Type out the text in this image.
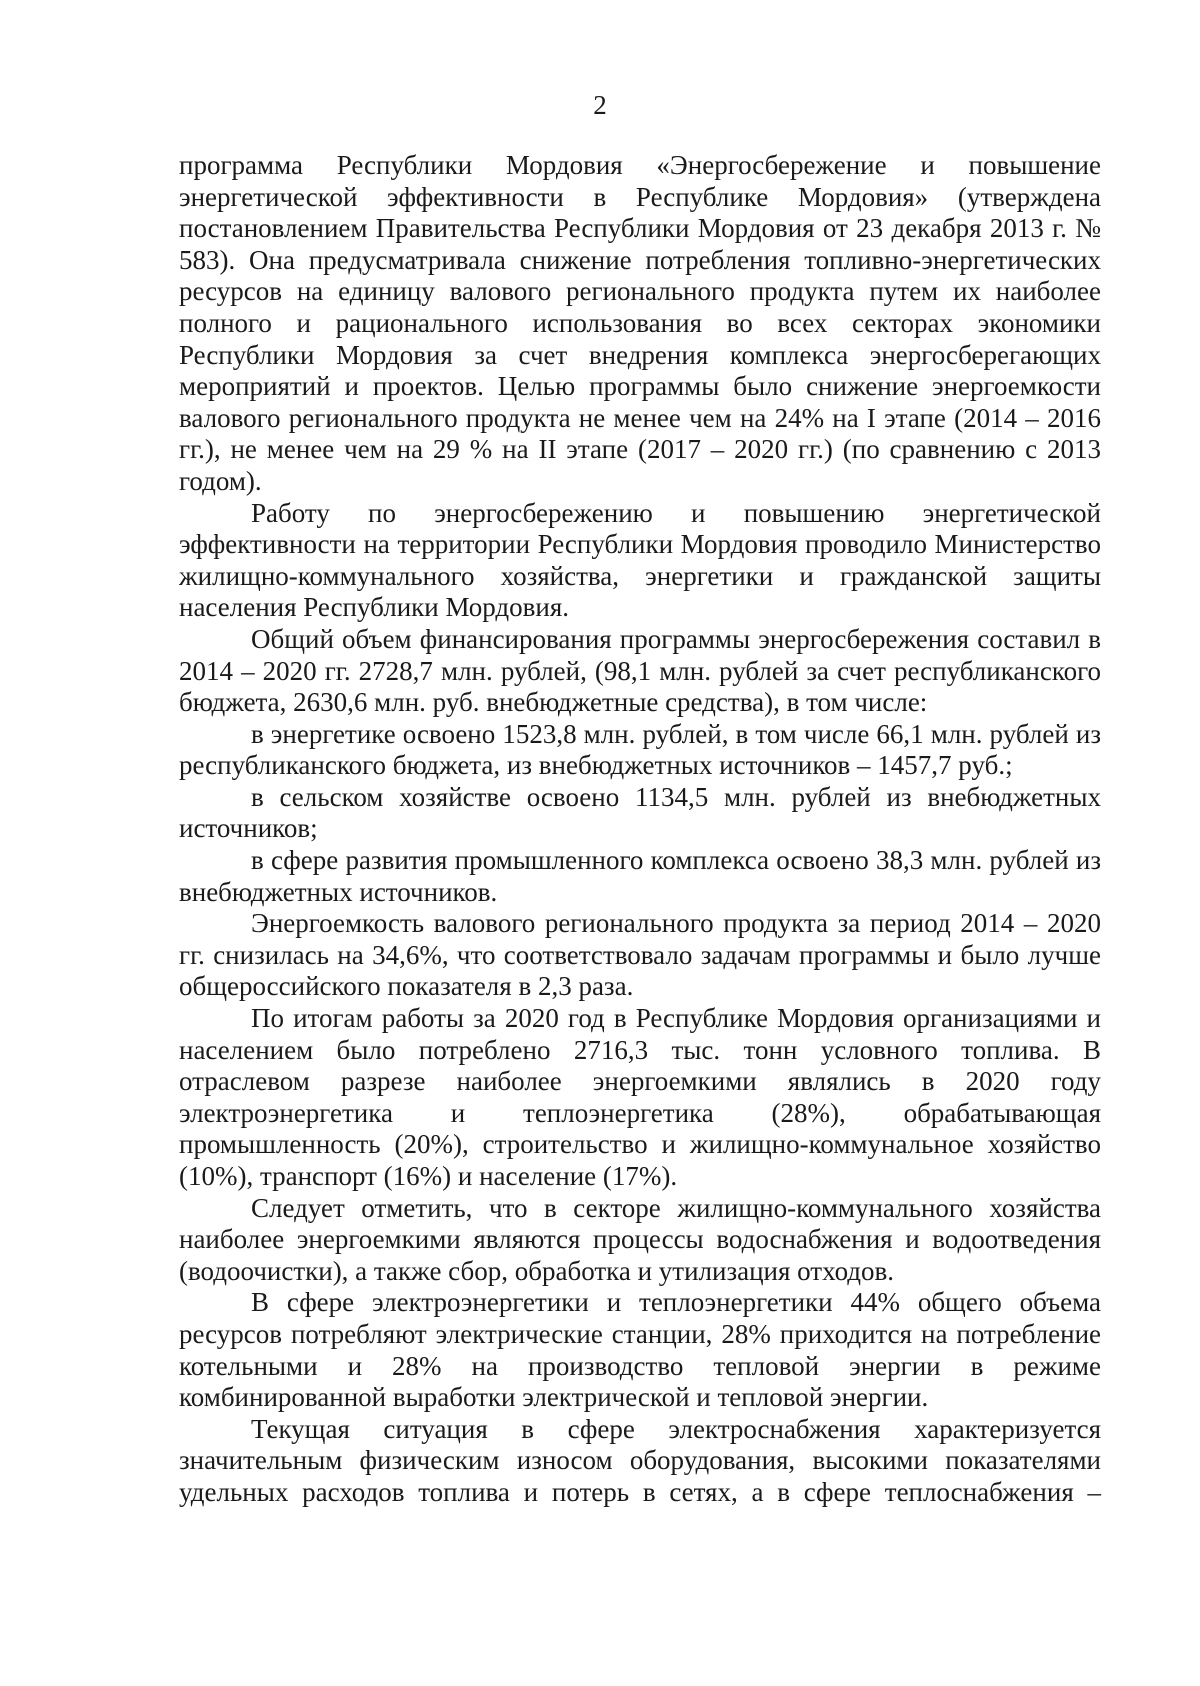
2

программа Республики Мордовия «Энергосбережение и повышение энергетической эффективности в Республике Мордовия» (утверждена постановлением Правительства Республики Мордовия от 23 декабря 2013 г. № 583). Она предусматривала снижение потребления топливно-энергетических ресурсов на единицу валового регионального продукта путем их наиболее полного и рационального использования во всех секторах экономики Республики Мордовия за счет внедрения комплекса энергосберегающих мероприятий и проектов. Целью программы было снижение энергоемкости валового регионального продукта не менее чем на 24% на I этапе (2014 – 2016 гг.), не менее чем на 29 % на II этапе (2017 – 2020 гг.) (по сравнению с 2013 годом).

Работу по энергосбережению и повышению энергетической эффективности на территории Республики Мордовия проводило Министерство жилищно-коммунального хозяйства, энергетики и гражданской защиты населения Республики Мордовия.

Общий объем финансирования программы энергосбережения составил в 2014 – 2020 гг. 2728,7 млн. рублей, (98,1 млн. рублей за счет республиканского бюджета, 2630,6 млн. руб. внебюджетные средства), в том числе:

в энергетике освоено 1523,8 млн. рублей, в том числе 66,1 млн. рублей из республиканского бюджета, из внебюджетных источников – 1457,7 руб.;

в сельском хозяйстве освоено 1134,5 млн. рублей из внебюджетных источников;

в сфере развития промышленного комплекса освоено 38,3 млн. рублей из внебюджетных источников.

Энергоемкость валового регионального продукта за период 2014 – 2020 гг. снизилась на 34,6%, что соответствовало задачам программы и было лучше общероссийского показателя в 2,3 раза.

По итогам работы за 2020 год в Республике Мордовия организациями и населением было потреблено 2716,3 тыс. тонн условного топлива. В отраслевом разрезе наиболее энергоемкими являлись в 2020 году электроэнергетика и теплоэнергетика (28%), обрабатывающая промышленность (20%), строительство и жилищно-коммунальное хозяйство (10%), транспорт (16%) и население (17%).

Следует отметить, что в секторе жилищно-коммунального хозяйства наиболее энергоемкими являются процессы водоснабжения и водоотведения (водоочистки), а также сбор, обработка и утилизация отходов.

В сфере электроэнергетики и теплоэнергетики 44% общего объема ресурсов потребляют электрические станции, 28% приходится на потребление котельными и 28% на производство тепловой энергии в режиме комбинированной выработки электрической и тепловой энергии.

Текущая ситуация в сфере электроснабжения характеризуется значительным физическим износом оборудования, высокими показателями удельных расходов топлива и потерь в сетях, а в сфере теплоснабжения –
